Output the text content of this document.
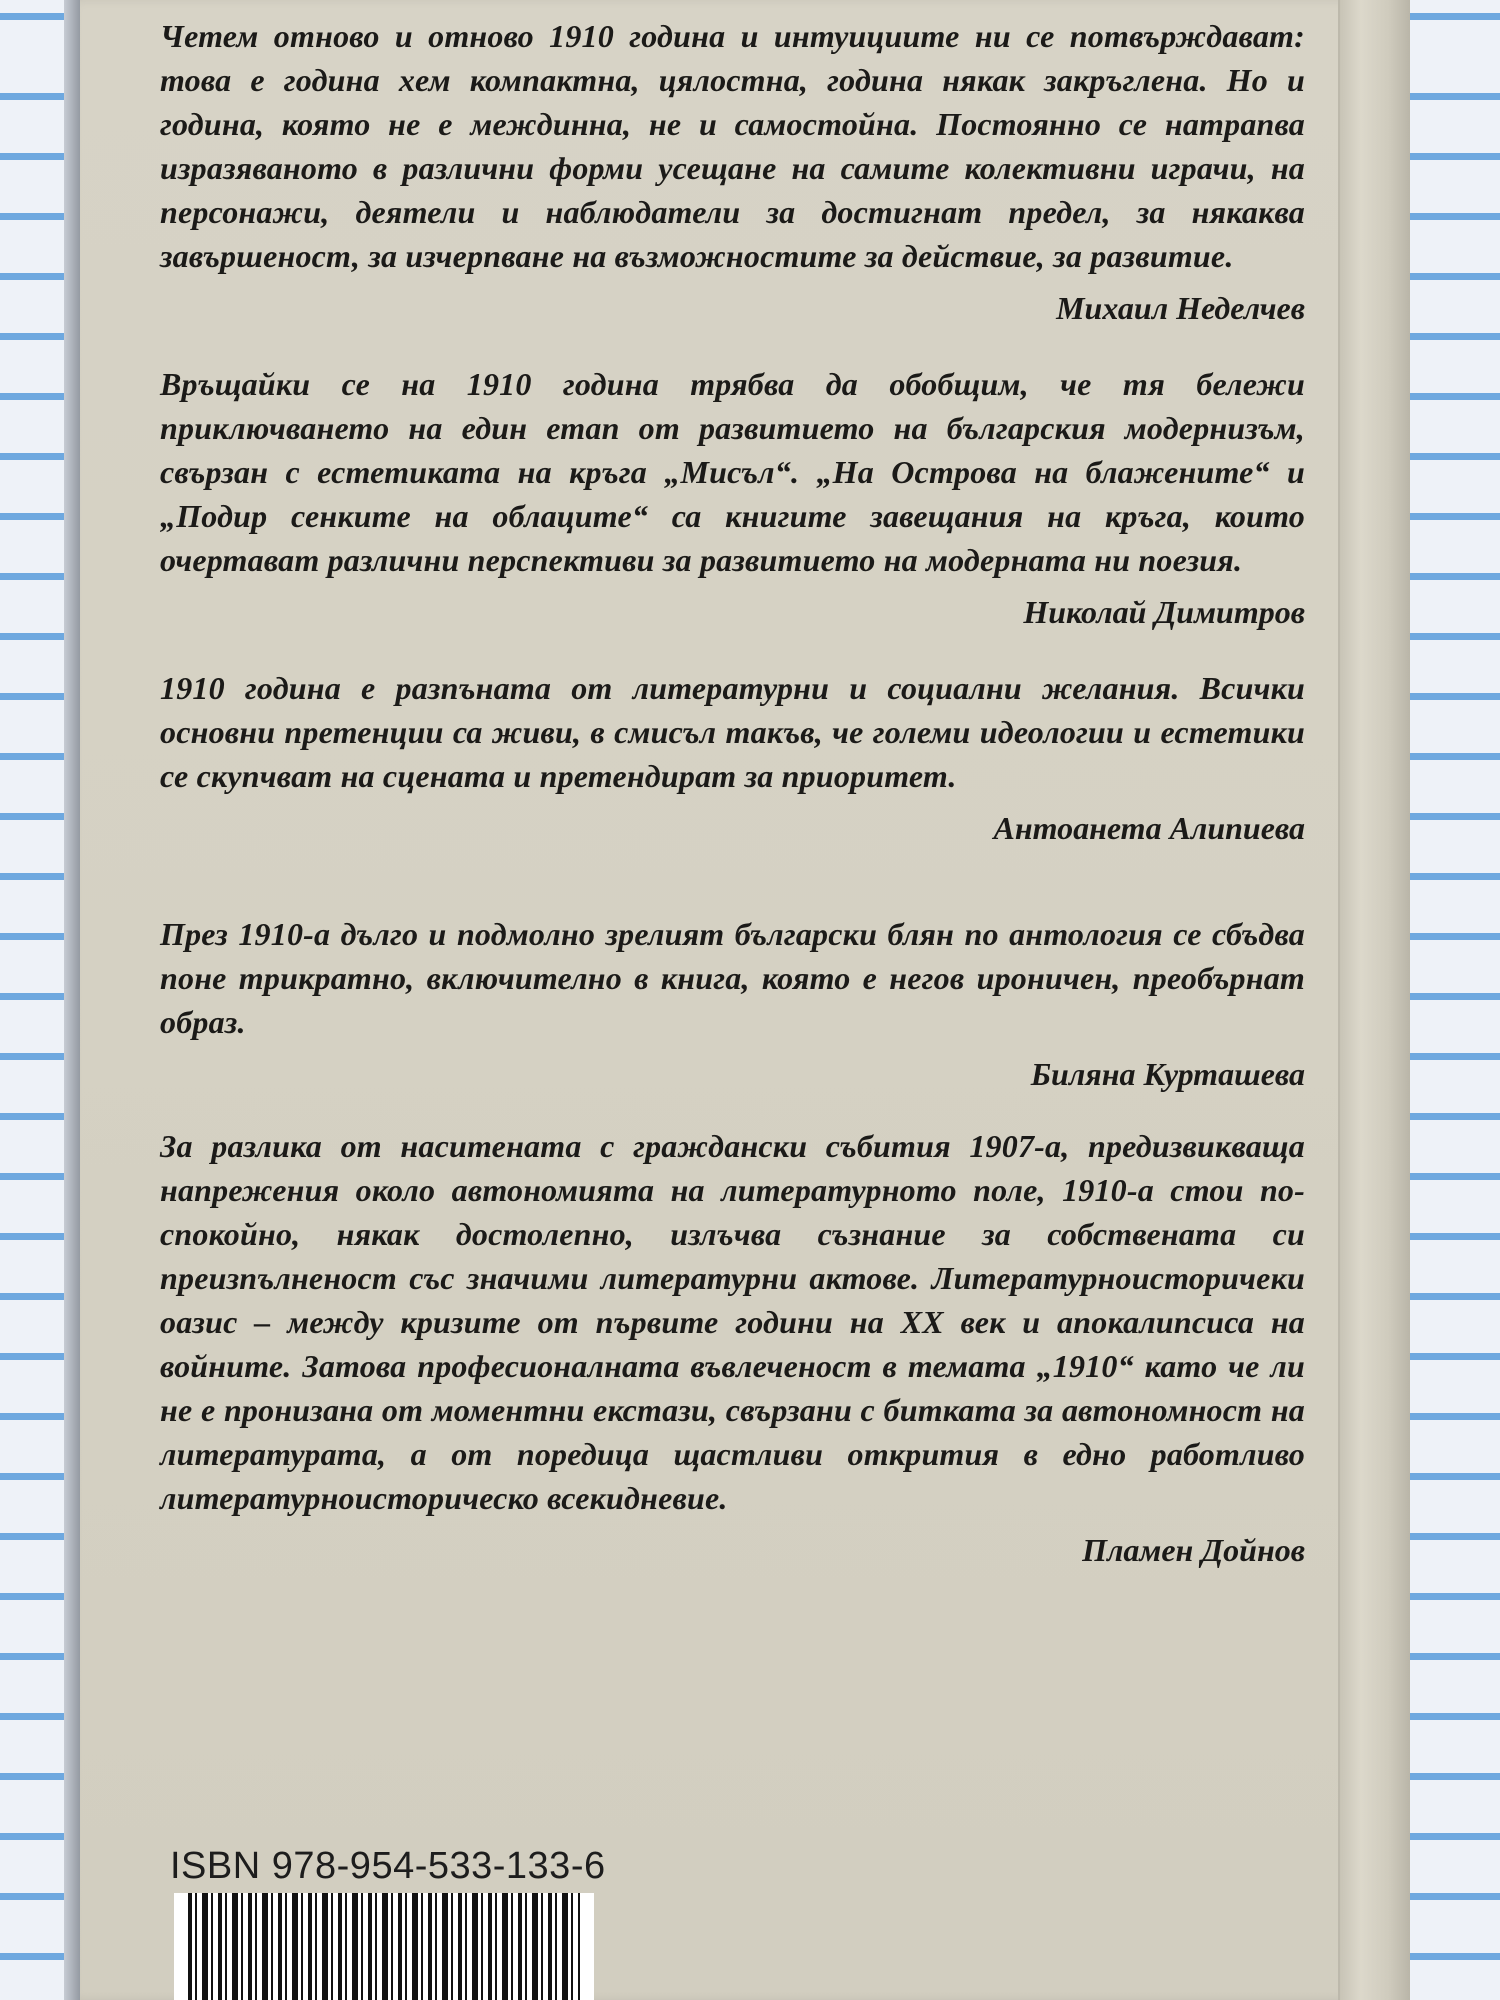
Четем отново и отново 1910 година и интуициите ни се потвърждават: това е година хем компактна, цялостна, година някак закръглена. Но и година, която не е междинна, не и самостойна. Постоянно се натрапва изразяваното в различни форми усещане на самите колективни играчи, на персонажи, деятели и наблюдатели за достигнат предел, за някаква завършеност, за изчерпване на възможностите за действие, за развитие.

Михаил Неделчев

Връщайки се на 1910 година трябва да обобщим, че тя бележи приключването на един етап от развитието на българския модернизъм, свързан с естетиката на кръга „Мисъл“. „На Острова на блажените“ и „Подир сенките на облаците“ са книгите завещания на кръга, които очертават различни перспективи за развитието на модерната ни поезия.

Николай Димитров

1910 година е разпъната от литературни и социални желания. Всички основни претенции са живи, в смисъл такъв, че големи идеологии и естетики се скупчват на сцената и претендират за приоритет.

Антоанета Алипиева

През 1910-а дълго и подмолно зрелият български блян по антология се сбъдва поне трикратно, включително в книга, която е негов ироничен, преобърнат образ.

Биляна Курташева

За разлика от наситената с граждански събития 1907-а, предизвикваща напрежения около автономията на литературното поле, 1910-а стои по-спокойно, някак достолепно, излъчва съзнание за собствената си преизпълненост със значими литературни актове. Литературноисторичеки оазис – между кризите от първите години на XX век и апокалипсиса на войните. Затова професионалната въвлеченост в темата „1910“ като че ли не е пронизана от моментни екстази, свързани с битката за автономност на литературата, а от поредица щастливи открития в едно работливо литературноисторическо всекидневие.

Пламен Дойнов

ISBN 978-954-533-133-6
